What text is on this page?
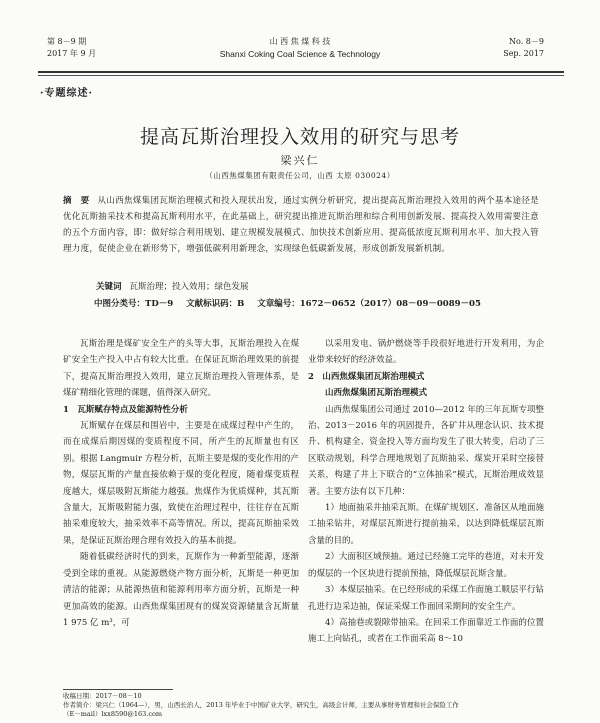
第 8－9 期
2017 年 9 月
山 西 焦 煤 科 技
Shanxi Coking Coal Science & Technology
No. 8－9
Sep. 2017
·专题综述·
提高瓦斯治理投入效用的研究与思考
梁兴仁
（山西焦煤集团有限责任公司，山西 太原 030024）
摘　要 从山西焦煤集团瓦斯治理模式和投入现状出发，通过实例分析研究，提出提高瓦斯治理投入效用的两个基本途径是优化瓦斯抽采技术和提高瓦斯利用水平，在此基础上，研究提出推进瓦斯治理和综合利用创新发展、提高投入效用需要注意的五个方面内容，即：做好综合利用规划、建立规模发展模式、加快技术创新应用、提高低浓度瓦斯利用水平、加大投入管理力度，促使企业在新形势下，增强低碳利用新理念，实现绿色低碳新发展，形成创新发展新机制。
关键词 瓦斯治理；投入效用；绿色发展
中图分类号：TD－9 文献标识码：B 文章编号：1672－0652（2017）08－09－0089－05

瓦斯治理是煤矿安全生产的头等大事，瓦斯治理投入在煤矿安全生产投入中占有较大比重。在保证瓦斯治理效果的前提下，提高瓦斯治理投入效用，建立瓦斯治理投入管理体系，是煤矿精细化管理的课题，值得深入研究。

1　瓦斯赋存特点及能源特性分析

瓦斯赋存在煤层和围岩中，主要是在成煤过程中产生的，而在成煤后期因煤的变质程度不同，所产生的瓦斯量也有区别。根据 Langmuir 方程分析，瓦斯主要是煤的变化作用的产物，煤层瓦斯的产量直接依赖于煤的变化程度，随着煤变质程度越大，煤层吸附瓦斯能力越强。焦煤作为优质煤种，其瓦斯含量大，瓦斯吸附能力强，致使在治理过程中，往往存在瓦斯抽采难度较大，抽采效率不高等情况。所以，提高瓦斯抽采效果，是保证瓦斯治理合理有效投入的基本前提。

随着低碳经济时代的到来，瓦斯作为一种新型能源，逐渐受到全球的重视。从能源燃烧产物方面分析，瓦斯是一种更加清洁的能源；从能源热值和能源利用率方面分析，瓦斯是一种更加高效的能源。山西焦煤集团现有的煤炭资源储量含瓦斯量 1 975 亿 m³，可

以采用发电、锅炉燃烧等手段很好地进行开发利用，为企业带来较好的经济效益。

2　山西焦煤集团瓦斯治理模式

山西焦煤集团瓦斯治理模式

山西焦煤集团公司通过 2010—2012 年的三年瓦斯专项整治、2013－2016 年的巩固提升，各矿井从理念认识、技术提升、机构建全、资金投入等方面均发生了很大转变，启动了三区联动规划，科学合理地规划了瓦斯抽采、煤炭开采时空接替关系，构建了井上下联合的“立体抽采”模式，瓦斯治理成效显著。主要方法有以下几种：

1）地面抽采井抽采瓦斯。在煤矿规划区、准备区从地面施工抽采钻井，对煤层瓦斯进行提前抽采，以达到降低煤层瓦斯含量的目的。

2）大面积区域预抽。通过已经施工完毕的巷道，对未开发的煤层的一个区块进行提前预抽，降低煤层瓦斯含量。

3）本煤层抽采。在已经形成的采煤工作面施工顺层平行钻孔进行边采边抽，保证采煤工作面回采期间的安全生产。

4）高抽巷或裂隙带抽采。在回采工作面靠近工作面的位置施工上向钻孔，或者在工作面采高 8～10

收稿日期：2017－08－10
作者简介：梁兴仁（1964—），男，山西长治人，2013 年毕业于中国矿业大学，研究生，高级会计师，主要从事财务管理和社会保险工作
（E－mail）lxx8590@163.com
